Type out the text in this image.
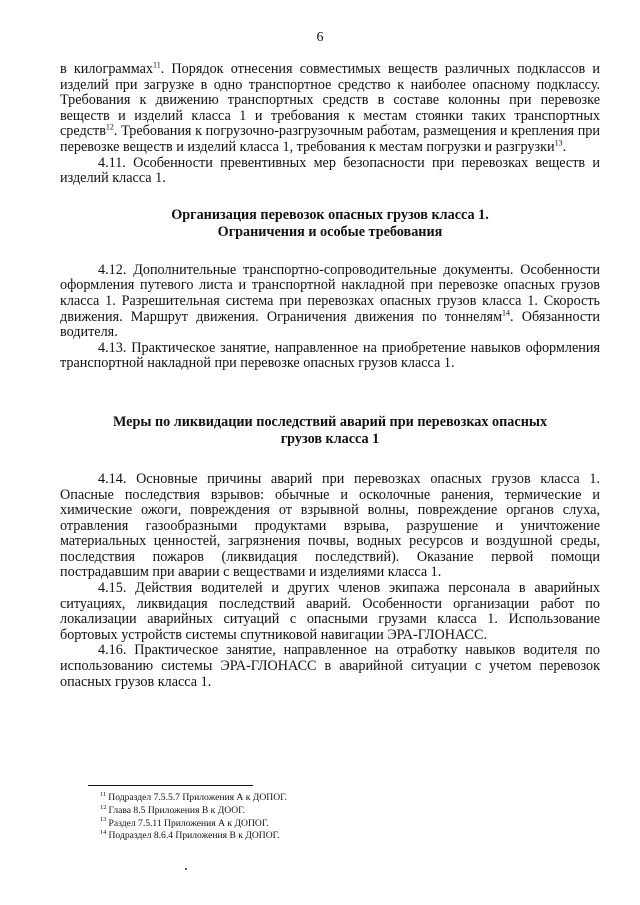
6

в килограммах$^{11}$. Порядок отнесения совместимых веществ различных подклассов и изделий при загрузке в одно транспортное средство к наиболее опасному подклассу. Требования к движению транспортных средств в составе колонны при перевозке веществ и изделий класса 1 и требования к местам стоянки таких транспортных средств$^{12}$. Требования к погрузочно-разгрузочным работам, размещения и крепления при перевозке веществ и изделий класса 1, требования к местам погрузки и разгрузки$^{13}$.

4.11. Особенности превентивных мер безопасности при перевозках веществ и изделий класса 1.

Организация перевозок опасных грузов класса 1.
Ограничения и особые требования

4.12. Дополнительные транспортно-сопроводительные документы. Особенности оформления путевого листа и транспортной накладной при перевозке опасных грузов класса 1. Разрешительная система при перевозках опасных грузов класса 1. Скорость движения. Маршрут движения. Ограничения движения по тоннелям$^{14}$. Обязанности водителя.

4.13. Практическое занятие, направленное на приобретение навыков оформления транспортной накладной при перевозке опасных грузов класса 1.

Меры по ликвидации последствий аварий при перевозках опасных
грузов класса 1

4.14. Основные причины аварий при перевозках опасных грузов класса 1. Опасные последствия взрывов: обычные и осколочные ранения, термические и химические ожоги, повреждения от взрывной волны, повреждение органов слуха, отравления газообразными продуктами взрыва, разрушение и уничтожение материальных ценностей, загрязнения почвы, водных ресурсов и воздушной среды, последствия пожаров (ликвидация последствий). Оказание первой помощи пострадавшим при аварии с веществами и изделиями класса 1.

4.15. Действия водителей и других членов экипажа персонала в аварийных ситуациях, ликвидация последствий аварий. Особенности организации работ по локализации аварийных ситуаций с опасными грузами класса 1. Использование бортовых устройств системы спутниковой навигации ЭРА-ГЛОНАСС.

4.16. Практическое занятие, направленное на отработку навыков водителя по использованию системы ЭРА-ГЛОНАСС в аварийной ситуации с учетом перевозок опасных грузов класса 1.

$^{11}$ Подраздел 7.5.5.7 Приложения А к ДОПОГ.
$^{12}$ Глава 8.5 Приложения В к ДООГ.
$^{13}$ Раздел 7.5.11 Приложения А к ДОПОГ.
$^{14}$ Подраздел 8.6.4 Приложения В к ДОПОГ.
